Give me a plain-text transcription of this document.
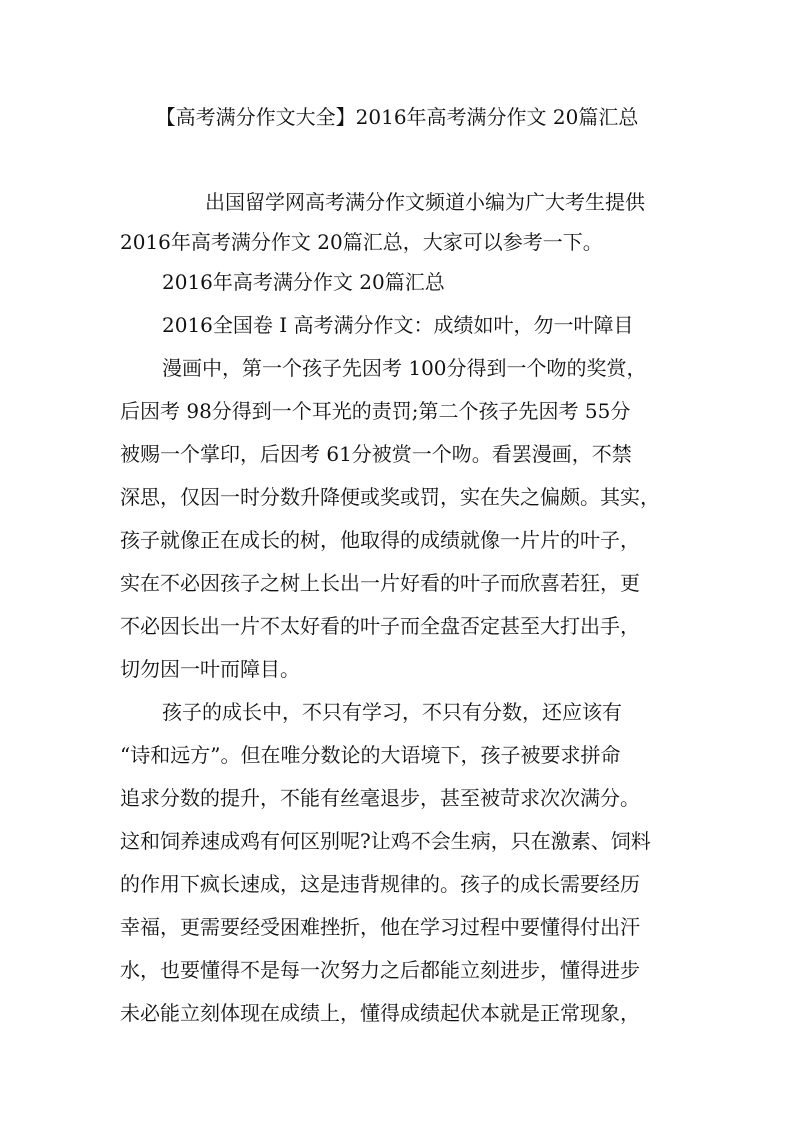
【高考满分作文大全】2016年高考满分作文 20篇汇总
出国留学网高考满分作文频道小编为广大考生提供
2016年高考满分作文 20篇汇总，大家可以参考一下。
2016年高考满分作文 20篇汇总
2016全国卷 I 高考满分作文：成绩如叶，勿一叶障目
漫画中，第一个孩子先因考 100分得到一个吻的奖赏，
后因考 98分得到一个耳光的责罚;第二个孩子先因考 55分
被赐一个掌印，后因考 61分被赏一个吻。看罢漫画，不禁
深思，仅因一时分数升降便或奖或罚，实在失之偏颇。其实，
孩子就像正在成长的树，他取得的成绩就像一片片的叶子，
实在不必因孩子之树上长出一片好看的叶子而欣喜若狂，更
不必因长出一片不太好看的叶子而全盘否定甚至大打出手，
切勿因一叶而障目。
孩子的成长中，不只有学习，不只有分数，还应该有
“诗和远方”。但在唯分数论的大语境下，孩子被要求拼命
追求分数的提升，不能有丝毫退步，甚至被苛求次次满分。
这和饲养速成鸡有何区别呢?让鸡不会生病，只在激素、饲料
的作用下疯长速成，这是违背规律的。孩子的成长需要经历
幸福，更需要经受困难挫折，他在学习过程中要懂得付出汗
水，也要懂得不是每一次努力之后都能立刻进步，懂得进步
未必能立刻体现在成绩上，懂得成绩起伏本就是正常现象，
